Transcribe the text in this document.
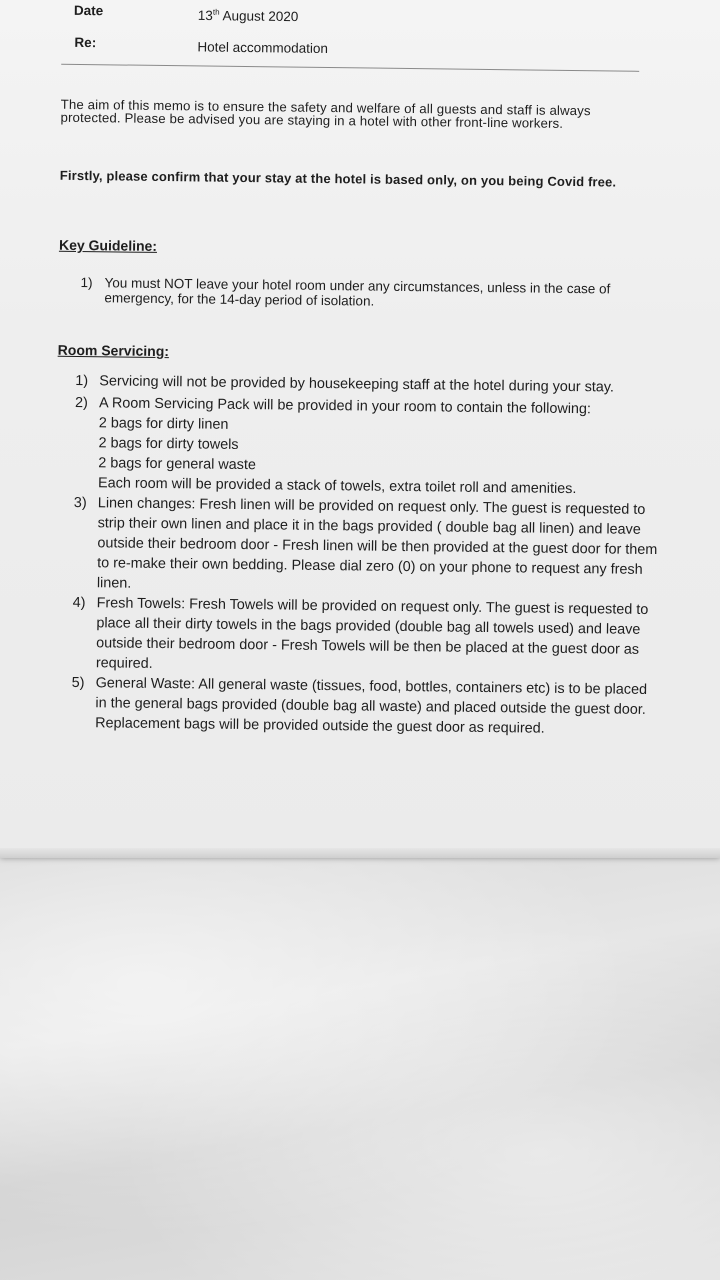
Date	13th August 2020
Re:	Hotel accommodation
The aim of this memo is to ensure the safety and welfare of all guests and staff is always protected. Please be advised you are staying in a hotel with other front-line workers.
Firstly, please confirm that your stay at the hotel is based only, on you being Covid free.
Key Guideline:
1) You must NOT leave your hotel room under any circumstances, unless in the case of emergency, for the 14-day period of isolation.
Room Servicing:
1) Servicing will not be provided by housekeeping staff at the hotel during your stay.
2) A Room Servicing Pack will be provided in your room to contain the following:
2 bags for dirty linen
2 bags for dirty towels
2 bags for general waste
Each room will be provided a stack of towels, extra toilet roll and amenities.
3) Linen changes: Fresh linen will be provided on request only. The guest is requested to strip their own linen and place it in the bags provided ( double bag all linen) and leave outside their bedroom door - Fresh linen will be then provided at the guest door for them to re-make their own bedding. Please dial zero (0) on your phone to request any fresh linen.
4) Fresh Towels: Fresh Towels will be provided on request only. The guest is requested to place all their dirty towels in the bags provided (double bag all towels used) and leave outside their bedroom door - Fresh Towels will be then be placed at the guest door as required.
5) General Waste: All general waste (tissues, food, bottles, containers etc) is to be placed in the general bags provided (double bag all waste) and placed outside the guest door. Replacement bags will be provided outside the guest door as required.
